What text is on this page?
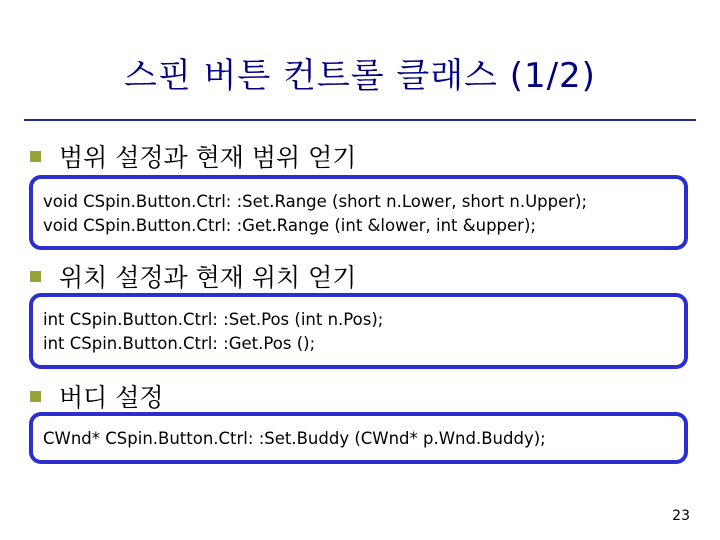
스핀 버튼 컨트롤 클래스 (1/2)
범위 설정과 현재 범위 얻기
void CSpin.Button.Ctrl: :Set.Range (short n.Lower, short n.Upper);
void CSpin.Button.Ctrl: :Get.Range (int &lower, int &upper);
위치 설정과 현재 위치 얻기
int CSpin.Button.Ctrl: :Set.Pos (int n.Pos);
int CSpin.Button.Ctrl: :Get.Pos ();
버디 설정
CWnd* CSpin.Button.Ctrl: :Set.Buddy (CWnd* p.Wnd.Buddy);
23
